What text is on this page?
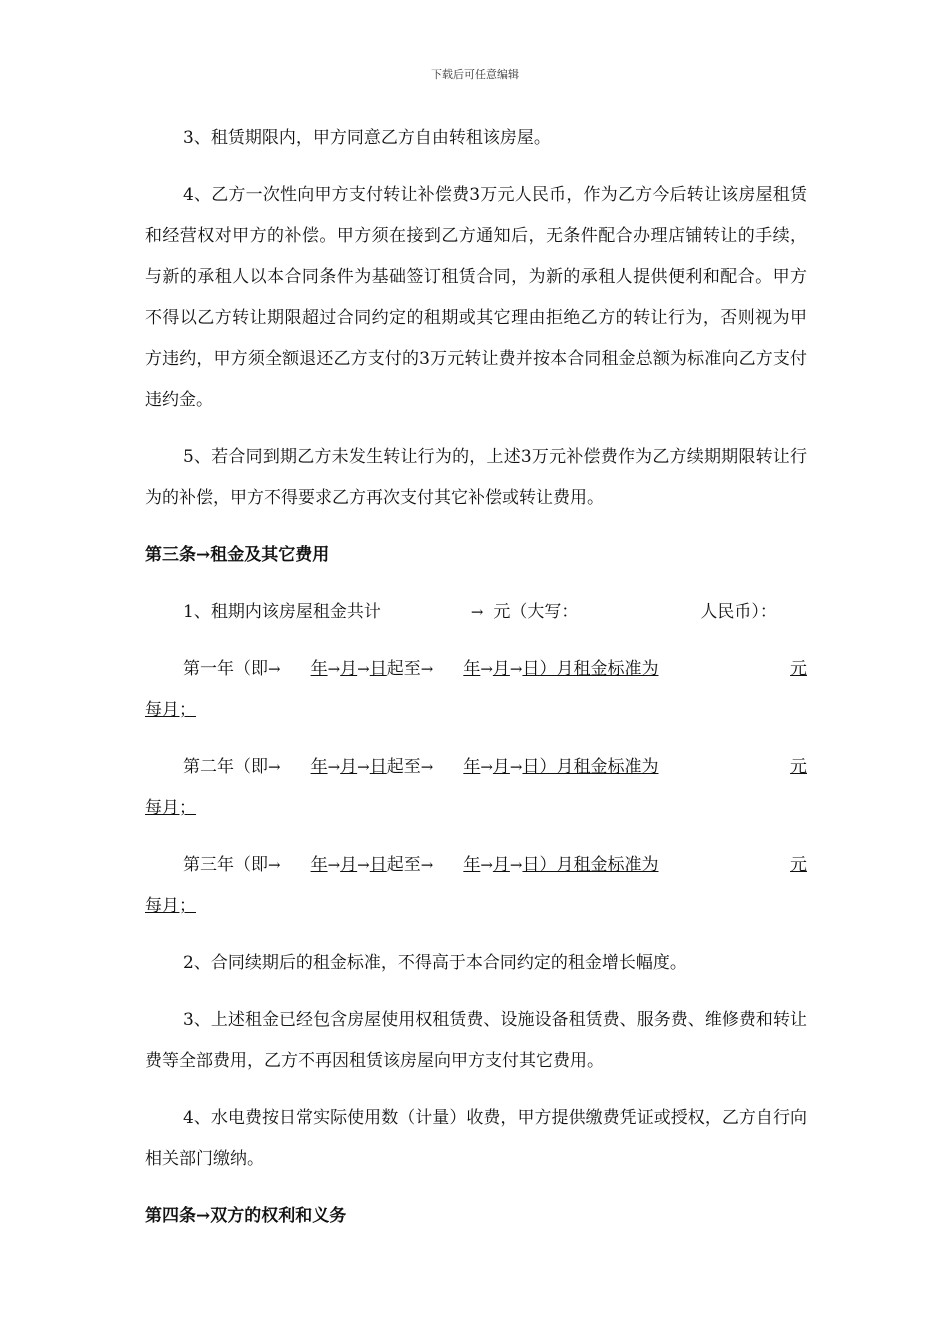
下载后可任意编辑

3、租赁期限内，甲方同意乙方自由转租该房屋。

4、乙方一次性向甲方支付转让补偿费3万元人民币，作为乙方今后转让该房屋租赁和经营权对甲方的补偿。甲方须在接到乙方通知后，无条件配合办理店铺转让的手续，与新的承租人以本合同条件为基础签订租赁合同，为新的承租人提供便利和配合。甲方不得以乙方转让期限超过合同约定的租期或其它理由拒绝乙方的转让行为，否则视为甲方违约，甲方须全额退还乙方支付的3万元转让费并按本合同租金总额为标准向乙方支付违约金。

5、若合同到期乙方未发生转让行为的，上述3万元补偿费作为乙方续期期限转让行为的补偿，甲方不得要求乙方再次支付其它补偿或转让费用。

第三条→租金及其它费用

1、租期内该房屋租金共计	→ 元（大写：	人民币）：

第一年（即→ 年→月→日起至→ 年→月→日）月租金标准为	元

每月；

第二年（即→ 年→月→日起至→ 年→月→日）月租金标准为	元

每月；

第三年（即→ 年→月→日起至→ 年→月→日）月租金标准为	元

每月；

2、合同续期后的租金标准，不得高于本合同约定的租金增长幅度。

3、上述租金已经包含房屋使用权租赁费、设施设备租赁费、服务费、维修费和转让费等全部费用，乙方不再因租赁该房屋向甲方支付其它费用。

4、水电费按日常实际使用数（计量）收费，甲方提供缴费凭证或授权，乙方自行向相关部门缴纳。

第四条→双方的权利和义务
